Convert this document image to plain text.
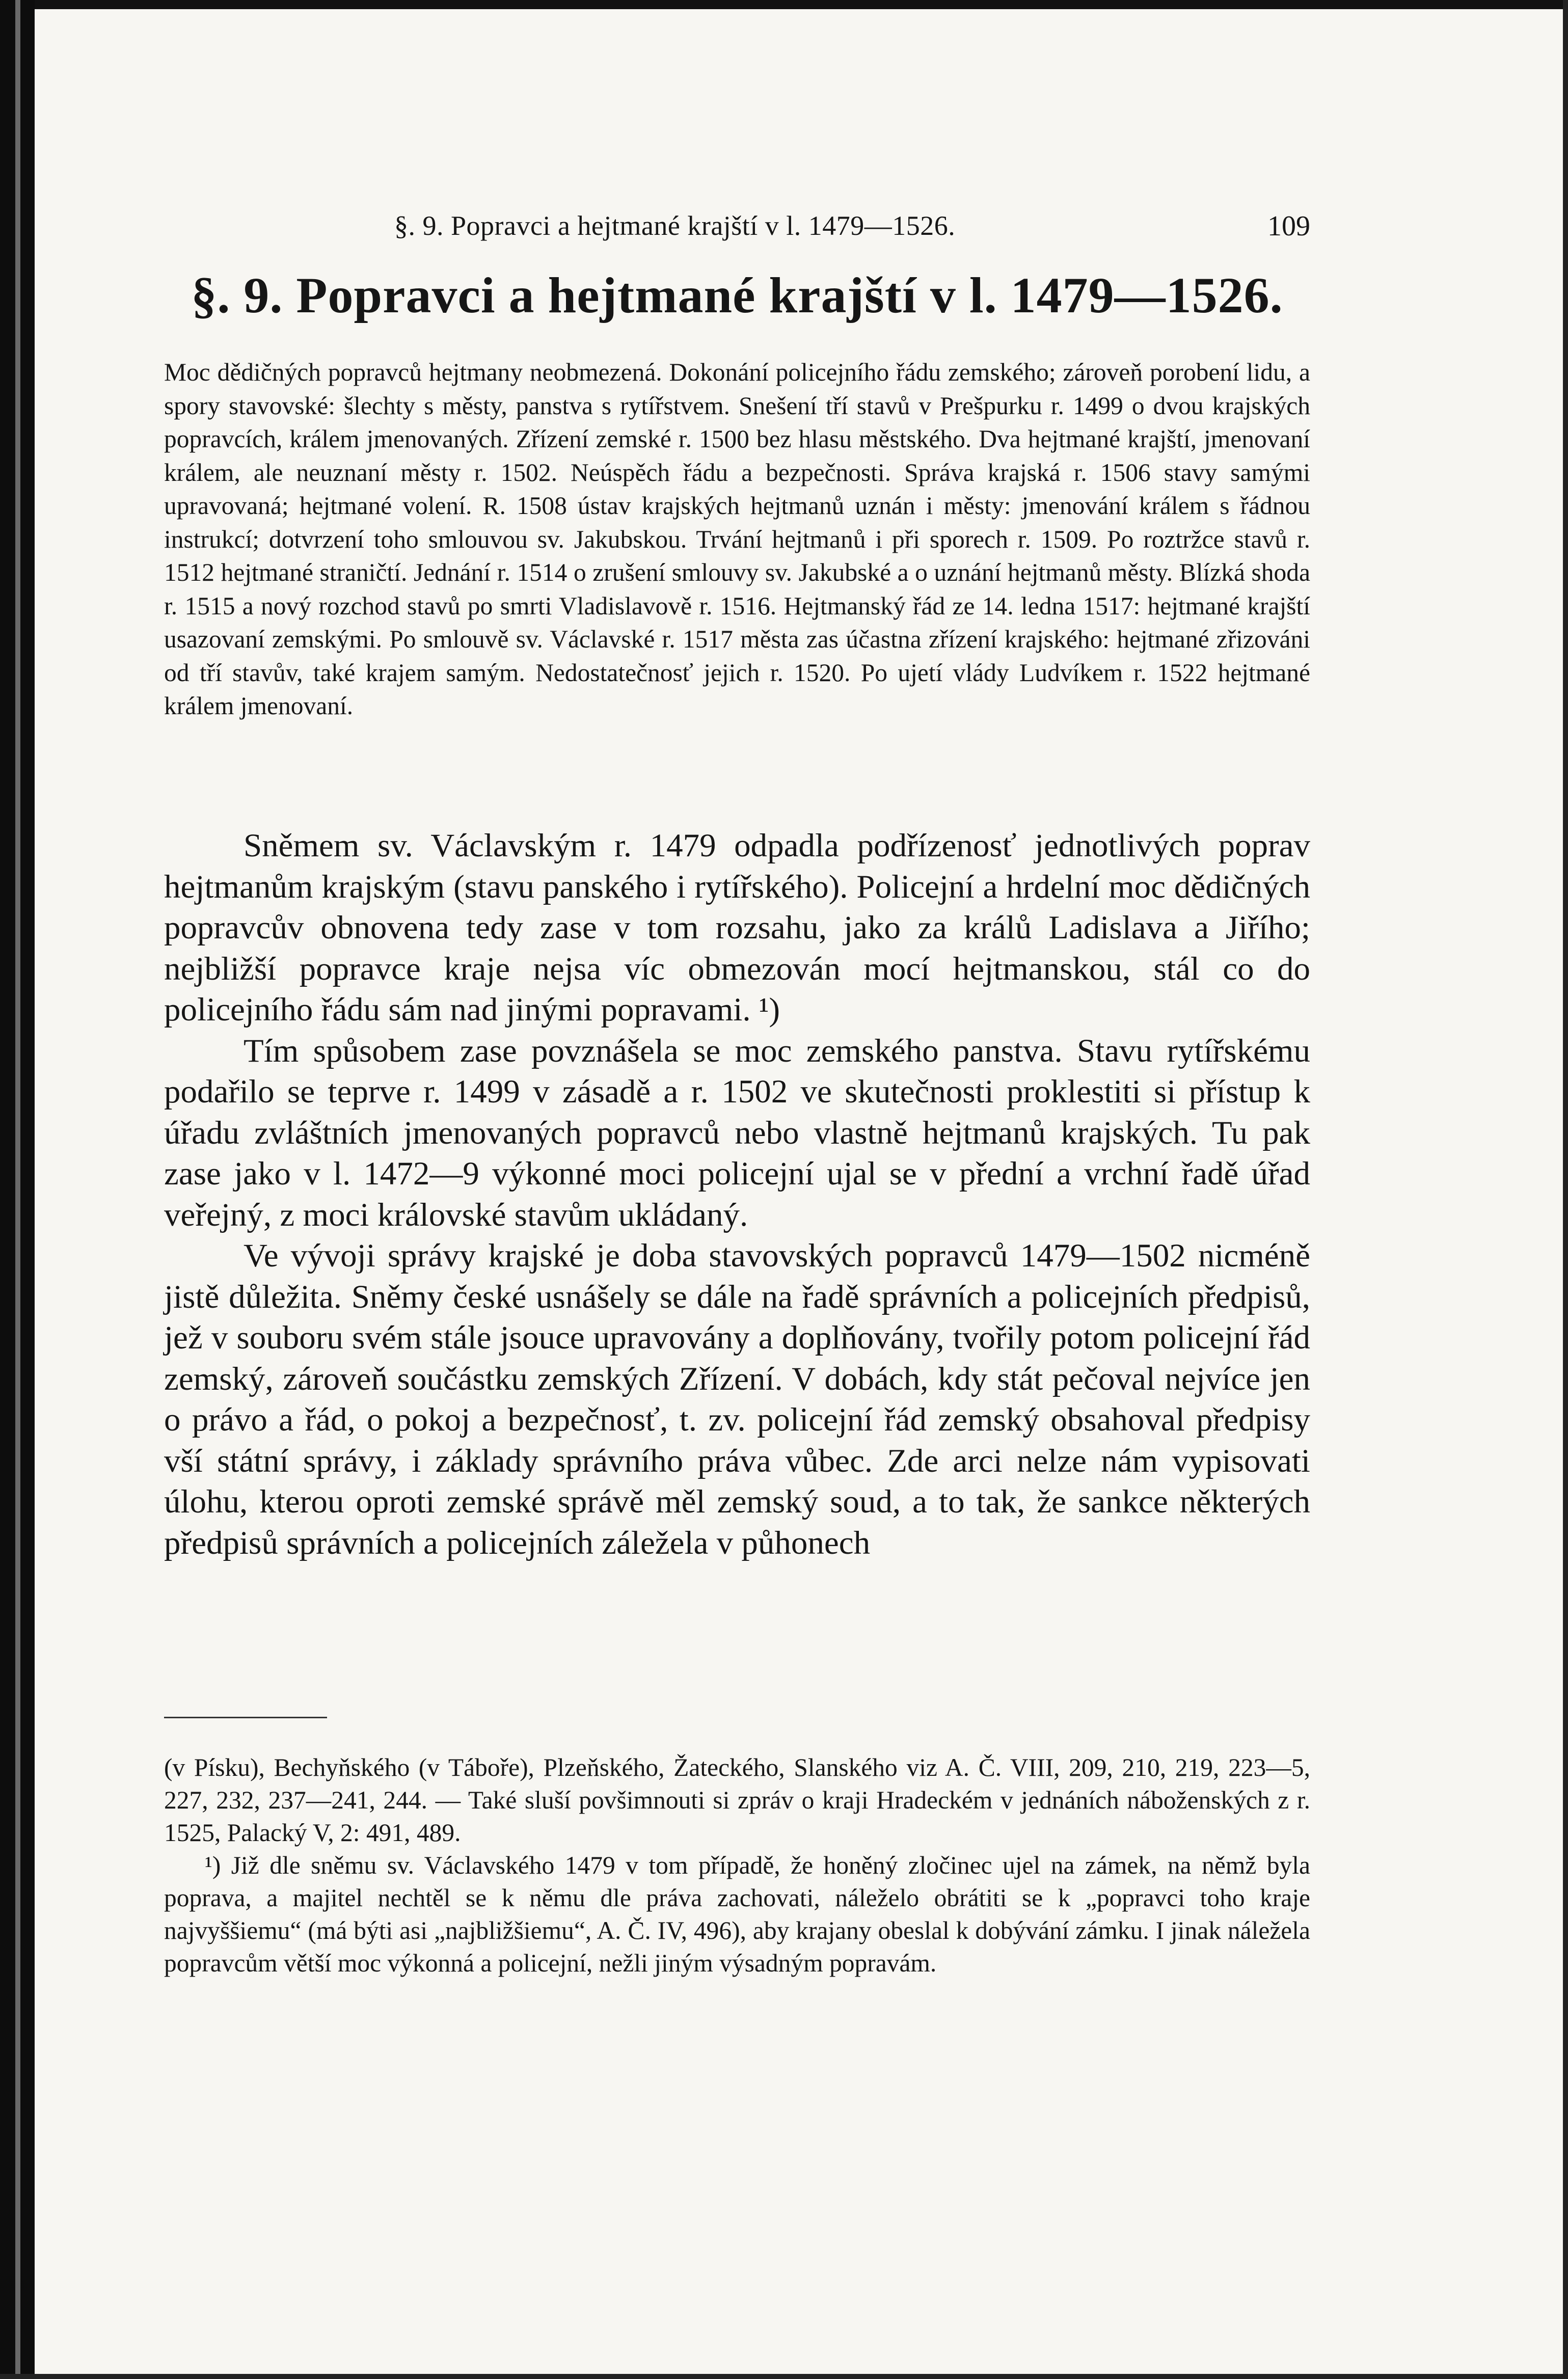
§. 9. Popravci a hejtmané krajští v l. 1479—1526.	109
§. 9. Popravci a hejtmané krajští v l. 1479—1526.

Moc dědičných popravců hejtmany neobmezená. Dokonání policejního řádu zemského; zároveň porobení lidu, a spory stavovské: šlechty s městy, panstva s rytířstvem. Snešení tří stavů v Prešpurku r. 1499 o dvou krajských popravcích, králem jmenovaných. Zřízení zemské r. 1500 bez hlasu městského. Dva hejtmané krajští, jmenovaní králem, ale neuznaní městy r. 1502. Neúspěch řádu a bezpečnosti. Správa krajská r. 1506 stavy samými upravovaná; hejtmané volení. R. 1508 ústav krajských hejtmanů uznán i městy: jmenování králem s řádnou instrukcí; dotvrzení toho smlouvou sv. Jakubskou. Trvání hejtmanů i při sporech r. 1509. Po roztržce stavů r. 1512 hejtmané straničtí. Jednání r. 1514 o zrušení smlouvy sv. Jakubské a o uznání hejtmanů městy. Blízká shoda r. 1515 a nový rozchod stavů po smrti Vladislavově r. 1516. Hejtmanský řád ze 14. ledna 1517: hejtmané krajští usazovaní zemskými. Po smlouvě sv. Václavské r. 1517 města zas účastna zřízení krajského: hejtmané zřizováni od tří stavův, také krajem samým. Nedostatečnosť jejich r. 1520. Po ujetí vlády Ludvíkem r. 1522 hejtmané králem jmenovaní.

Sněmem sv. Václavským r. 1479 odpadla podřízenosť jednotlivých poprav hejtmanům krajským (stavu panského i rytířského). Policejní a hrdelní moc dědičných popravcův obnovena tedy zase v tom rozsahu, jako za králů Ladislava a Jiřího; nejbližší popravce kraje nejsa víc obmezován mocí hejtmanskou, stál co do policejního řádu sám nad jinými popravami. ¹)

Tím spůsobem zase povznášela se moc zemského panstva. Stavu rytířskému podařilo se teprve r. 1499 v zásadě a r. 1502 ve skutečnosti proklestiti si přístup k úřadu zvláštních jmenovaných popravců nebo vlastně hejtmanů krajských. Tu pak zase jako v l. 1472—9 výkonné moci policejní ujal se v přední a vrchní řadě úřad veřejný, z moci královské stavům ukládaný.

Ve vývoji správy krajské je doba stavovských popravců 1479—1502 nicméně jistě důležita. Sněmy české usnášely se dále na řadě správních a policejních předpisů, jež v souboru svém stále jsouce upravovány a doplňovány, tvořily potom policejní řád zemský, zároveň součástku zemských Zřízení. V dobách, kdy stát pečoval nejvíce jen o právo a řád, o pokoj a bezpečnosť, t. zv. policejní řád zemský obsahoval předpisy vší státní správy, i základy správního práva vůbec. Zde arci nelze nám vypisovati úlohu, kterou oproti zemské správě měl zemský soud, a to tak, že sankce některých předpisů správních a policejních záležela v půhonech

(v Písku), Bechyňského (v Táboře), Plzeňského, Žateckého, Slanského viz A. Č. VIII, 209, 210, 219, 223—5, 227, 232, 237—241, 244. — Také sluší povšimnouti si zpráv o kraji Hradeckém v jednáních náboženských z r. 1525, Palacký V, 2: 491, 489.

¹) Již dle sněmu sv. Václavského 1479 v tom případě, že honěný zločinec ujel na zámek, na němž byla poprava, a majitel nechtěl se k němu dle práva zachovati, náleželo obrátiti se k „popravci toho kraje najvyššiemu“ (má býti asi „najbližšiemu“, A. Č. IV, 496), aby krajany obeslal k dobývání zámku. I jinak náležela popravcům větší moc výkonná a policejní, nežli jiným výsadným popravám.
